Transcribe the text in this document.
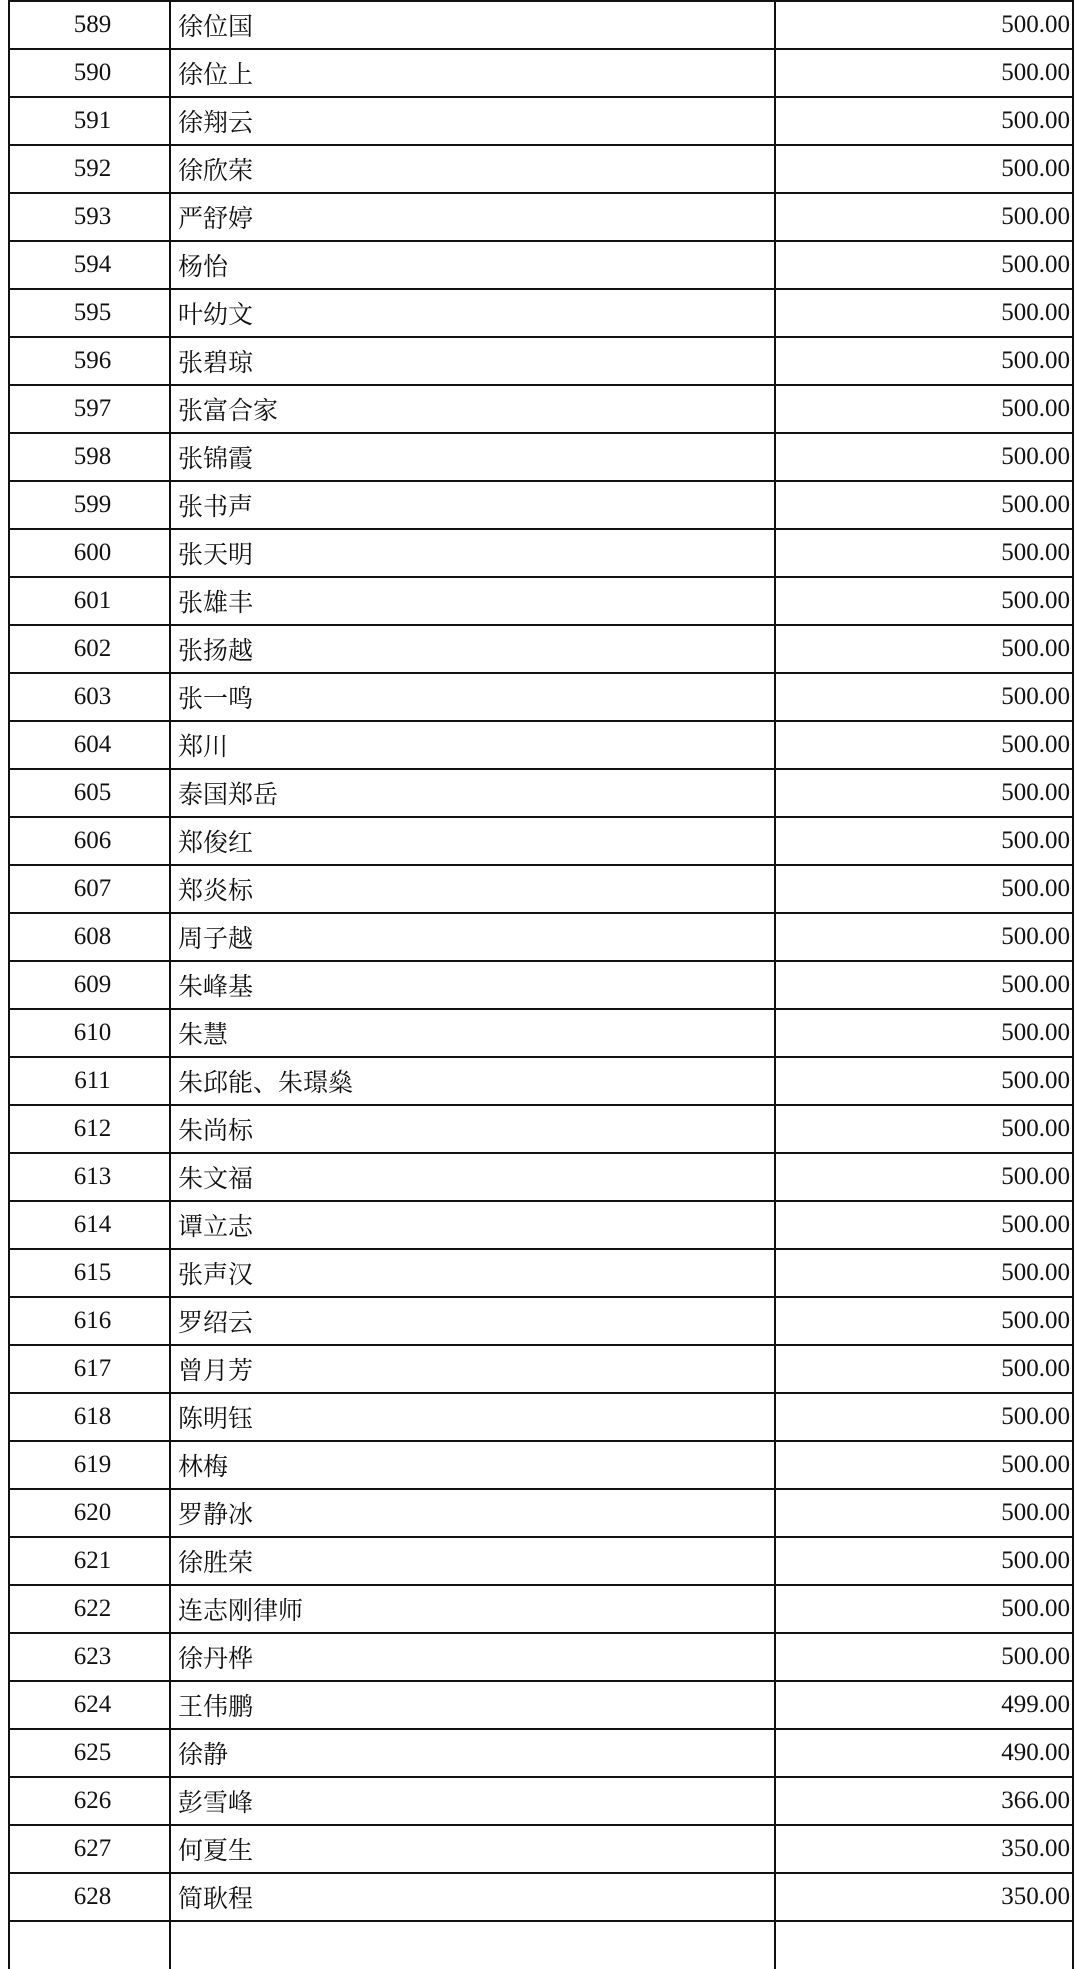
589	徐位国	500.00
590	徐位上	500.00
591	徐翔云	500.00
592	徐欣荣	500.00
593	严舒婷	500.00
594	杨怡	500.00
595	叶幼文	500.00
596	张碧琼	500.00
597	张富合家	500.00
598	张锦霞	500.00
599	张书声	500.00
600	张天明	500.00
601	张雄丰	500.00
602	张扬越	500.00
603	张一鸣	500.00
604	郑川	500.00
605	泰国郑岳	500.00
606	郑俊红	500.00
607	郑炎标	500.00
608	周子越	500.00
609	朱峰基	500.00
610	朱慧	500.00
611	朱邱能、朱璟燊	500.00
612	朱尚标	500.00
613	朱文福	500.00
614	谭立志	500.00
615	张声汉	500.00
616	罗绍云	500.00
617	曾月芳	500.00
618	陈明钰	500.00
619	林梅	500.00
620	罗静冰	500.00
621	徐胜荣	500.00
622	连志刚律师	500.00
623	徐丹桦	500.00
624	王伟鹏	499.00
625	徐静	490.00
626	彭雪峰	366.00
627	何夏生	350.00
628	简耿程	350.00
